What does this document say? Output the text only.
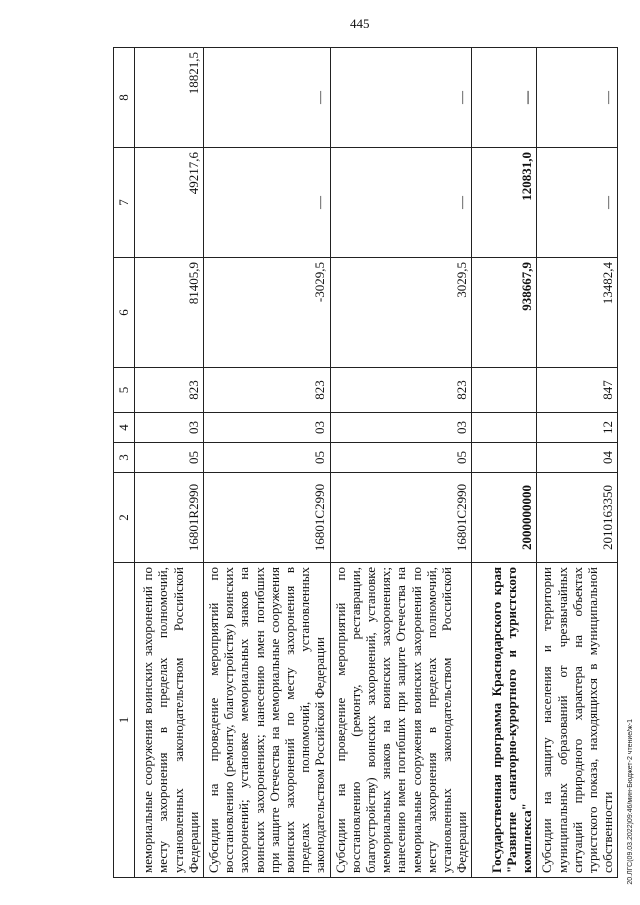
445
20.ЛГС(09.03.2022)09:46/мин-Бюджет-2 чтение/ж-1
1	2	3	4	5	6	7	8
мемориальные сооружения воинских захоронений по месту захоронения в пределах полномочий, установленных законодательством Российской Федерации	16801R2990	05	03	823	81405,9	49217,6	18821,5
Субсидии на проведение мероприятий по восстановлению (ремонту, благоустройству) воинских захоронений; установке мемориальных знаков на воинских захоронениях; нанесению имен погибших при защите Отечества на мемориальные сооружения воинских захоронений по месту захоронения в пределах полномочий, установленных законодательством Российской Федерации	16801C2990	05	03	823	-3029,5	—	—
Субсидии на проведение мероприятий по восстановлению (ремонту, реставрации, благоустройству) воинских захоронений, установке мемориальных знаков на воинских захоронениях; нанесению имен погибших при защите Отечества на мемориальные сооружения воинских захоронений по месту захоронения в пределах полномочий, установленных законодательством Российской Федерации	16801C2990	05	03	823	3029,5	—	—
Государственная программа Краснодарского края "Развитие санаторно-курортного и туристского комплекса"	2000000000				938667,9	120831,0	—
Субсидии на защиту населения и территории муниципальных образований от чрезвычайных ситуаций природного характера на объектах туристского показа, находящихся в муниципальной собственности	2010163350	04	12	847	13482,4	—	—
